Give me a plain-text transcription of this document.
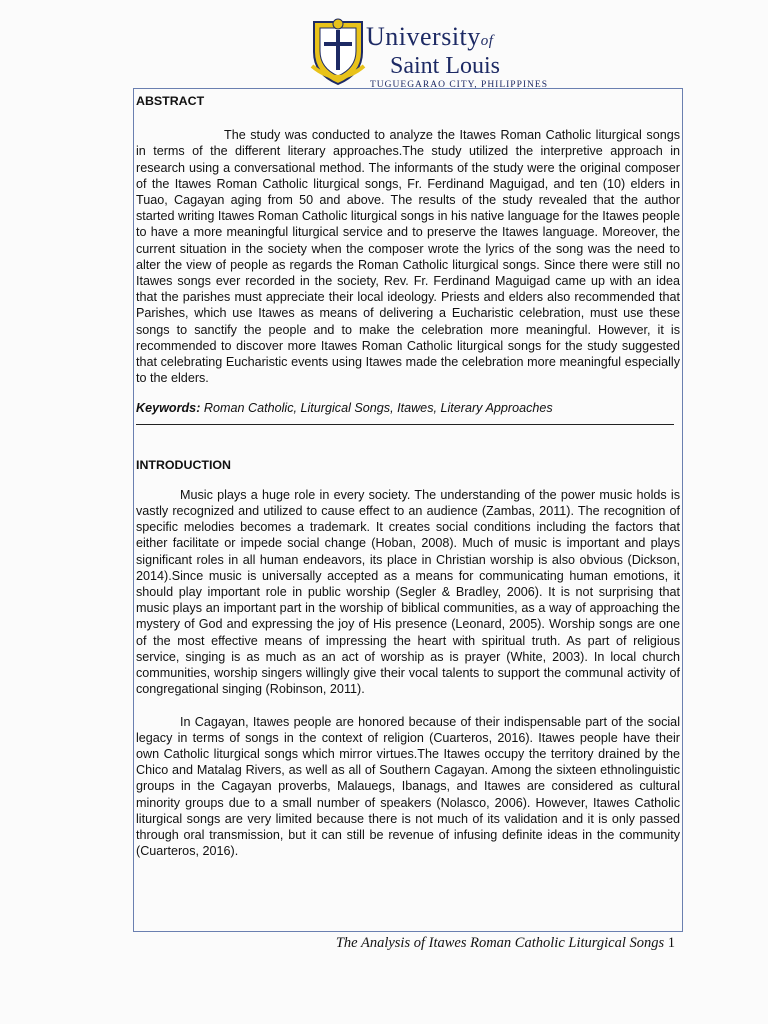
Universityof
Saint Louis
TUGUEGARAO CITY, PHILIPPINES

ABSTRACT

The study was conducted to analyze the Itawes Roman Catholic liturgical songs in terms of the different literary approaches.The study utilized the interpretive approach in research using a conversational method. The informants of the study were the original composer of the Itawes Roman Catholic liturgical songs, Fr. Ferdinand Maguigad, and ten (10) elders in Tuao, Cagayan aging from 50 and above. The results of the study revealed that the author started writing Itawes Roman Catholic liturgical songs in his native language for the Itawes people to have a more meaningful liturgical service and to preserve the Itawes language. Moreover, the current situation in the society when the composer wrote the lyrics of the song was the need to alter the view of people as regards the Roman Catholic liturgical songs. Since there were still no Itawes songs ever recorded in the society, Rev. Fr. Ferdinand Maguigad came up with an idea that the parishes must appreciate their local ideology. Priests and elders also recommended that Parishes, which use Itawes as means of delivering a Eucharistic celebration, must use these songs to sanctify the people and to make the celebration more meaningful. However, it is recommended to discover more Itawes Roman Catholic liturgical songs for the study suggested that celebrating Eucharistic events using Itawes made the celebration more meaningful especially to the elders.

Keywords: Roman Catholic, Liturgical Songs, Itawes, Literary Approaches

INTRODUCTION

Music plays a huge role in every society. The understanding of the power music holds is vastly recognized and utilized to cause effect to an audience (Zambas, 2011). The recognition of specific melodies becomes a trademark. It creates social conditions including the factors that either facilitate or impede social change (Hoban, 2008). Much of music is important and plays significant roles in all human endeavors, its place in Christian worship is also obvious (Dickson, 2014).Since music is universally accepted as a means for communicating human emotions, it should play important role in public worship (Segler & Bradley, 2006). It is not surprising that music plays an important part in the worship of biblical communities, as a way of approaching the mystery of God and expressing the joy of His presence (Leonard, 2005). Worship songs are one of the most effective means of impressing the heart with spiritual truth. As part of religious service, singing is as much as an act of worship as is prayer (White, 2003). In local church communities, worship singers willingly give their vocal talents to support the communal activity of congregational singing (Robinson, 2011).

In Cagayan, Itawes people are honored because of their indispensable part of the social legacy in terms of songs in the context of religion (Cuarteros, 2016). Itawes people have their own Catholic liturgical songs which mirror virtues.The Itawes occupy the territory drained by the Chico and Matalag Rivers, as well as all of Southern Cagayan. Among the sixteen ethnolinguistic groups in the Cagayan proverbs, Malauegs, Ibanags, and Itawes are considered as cultural minority groups due to a small number of speakers (Nolasco, 2006). However, Itawes Catholic liturgical songs are very limited because there is not much of its validation and it is only passed through oral transmission, but it can still be revenue of infusing definite ideas in the community (Cuarteros, 2016).

The Analysis of Itawes Roman Catholic Liturgical Songs 1
